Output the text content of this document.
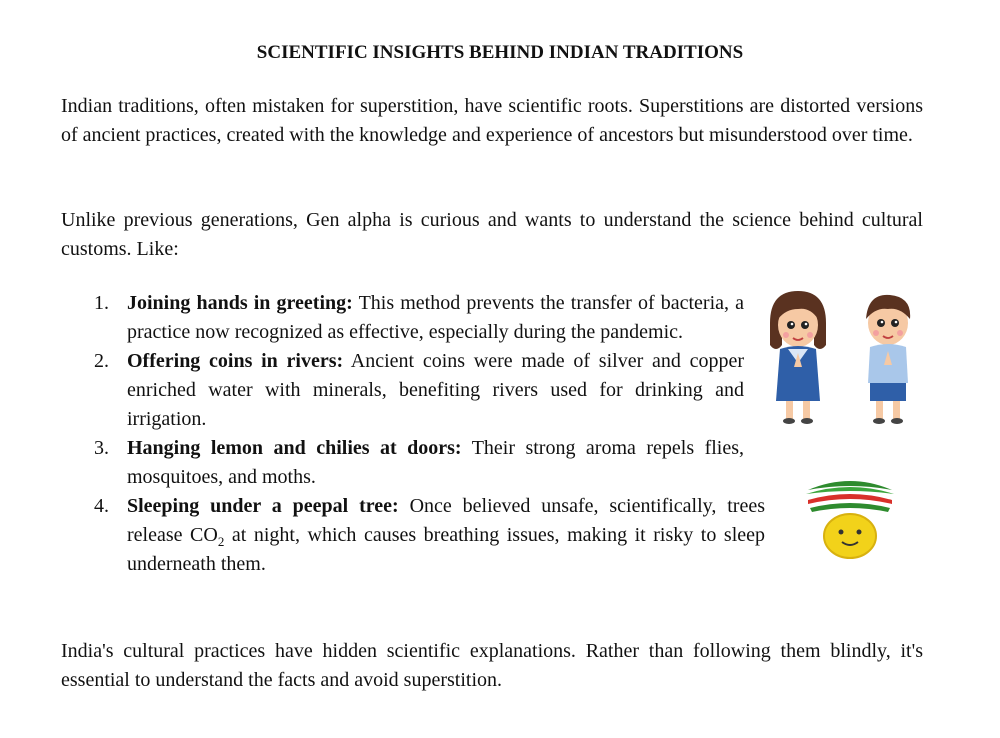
SCIENTIFIC INSIGHTS BEHIND INDIAN TRADITIONS

Indian traditions, often mistaken for superstition, have scientific roots. Superstitions are distorted versions of ancient practices, created with the knowledge and experience of ancestors but misunderstood over time.

Unlike previous generations, Gen alpha is curious and wants to understand the science behind cultural customs. Like:

1. Joining hands in greeting: This method prevents the transfer of bacteria, a practice now recognized as effective, especially during the pandemic.
2. Offering coins in rivers: Ancient coins were made of silver and copper enriched water with minerals, benefiting rivers used for drinking and irrigation.
3. Hanging lemon and chilies at doors: Their strong aroma repels flies, mosquitoes, and moths.
4. Sleeping under a peepal tree: Once believed unsafe, scientifically, trees release $CO_2$ at night, which causes breathing issues, making it risky to sleep underneath them.

India's cultural practices have hidden scientific explanations. Rather than following them blindly, it's essential to understand the facts and avoid superstition.
